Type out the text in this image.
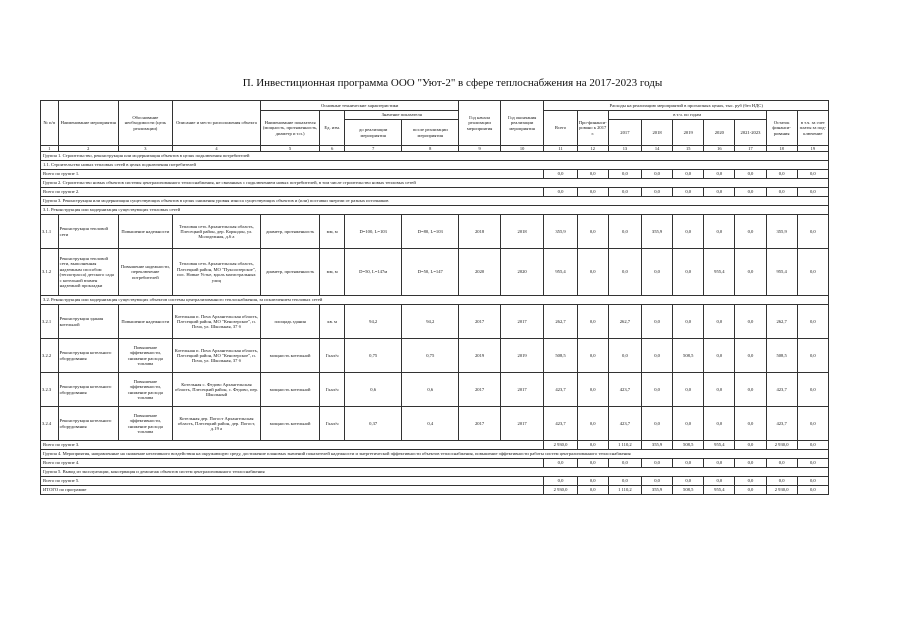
П. Инвестиционная программа ООО "Уют-2" в сфере теплоснабжения на 2017-2023 годы
№ п/п	Наименование мероприятия	Обоснование необходимости (цель реализации)	Описание и место расположения объекта	Основные технические характеристики				Год начала реализации мероприятия	Год окончания реализации мероприятия	Расходы на реализацию мероприятий в прогнозных ценах, тыс. руб (без НДС)								
				Наименование показателя (мощность, протяженность, диаметр и т.п.)	Ед. изм.	Значение показателя				Всего	Про-финанси-ровано к 2017 г.	в т.ч. по годам					Остаток финанси-рования	в т.ч. за счет платы за под-ключение
						до реализации мероприятия	после реализации мероприятия					2017	2018	2019	2020	2021-2023		
1	2	3	4	5	6	7	8	9	10	11	12	13	14	15	16	17	18	19
Группа 1. Строительство, реконструкция или модернизация объектов в целях подключения потребителей																		
1.1. Строительство новых тепловых сетей в целях подключения потребителей																		
Всего по группе 1.										0,0	0,0	0,0	0,0	0,0	0,0	0,0	0,0	0,0
Группа 2. Строительство новых объектов системы централизованного теплоснабжения, не связанных с подключением новых потребителей, в том числе строительство новых тепловых сетей																		
Всего по группе 2.										0,0	0,0	0,0	0,0	0,0	0,0	0,0	0,0	0,0
Группа 3. Реконструкция или модернизация существующих объектов в целях снижения уровня износа существующих объектов и (или) поставки энергии от разных источников																		
3.1. Реконструкция или модернизация существующих тепловых сетей																		
3.1.1	Реконструкция тепловой сети	Повышение надежности	Тепловая сеть Архангельская область, Плесецкий район, дер. Коркодон, ул. Молодежная, д.6 а	диаметр, протяженность	мм, м	D=100, L=103	D=80, L=103	2018	2018	355,9	0,0	0,0	355,9	0,0	0,0	0,0	355,9	0,0
3.1.2	Реконструкция тепловой сети, выполненная надземным способом (теплотрасса) детского сада с котельной взамен надземной прокладки	Повышение надежности, переключение потребителей	Тепловая сеть Архангельская область, Плесецкий район, МО "Пуксоозерское", пос. Новые Устье, вдоль магистральных улиц	диаметр, протяженность	мм, м	D=50, L=147м	D=50, L=147	2020	2020	955,4	0,0	0,0	0,0	0,0	955,4	0,0	955,4	0,0
3.2. Реконструкция или модернизация существующих объектов системы централизованного теплоснабжения, за исключением тепловых сетей																		
3.2.1	Реконструкция здания котельной	Повышение надежности	Котельная п. Поча Архангельская область, Плесецкий район, МО "Кенозерское", п. Поча, ул. Школьная, 37 б	площадь здания	кв. м	94,2	94,2	2017	2017	262,7	0,0	262,7	0,0	0,0	0,0	0,0	262,7	0,0
3.2.2	Реконструкция котельного оборудования	Повышение эффективности, снижение расхода топлива	Котельная п. Поча Архангельская область, Плесецкий район, МО "Кенозерское", п. Поча, ул. Школьная, 37 б	мощность котельной	Гкал/ч	0,75	0,75	2019	2019	508,5	0,0	0,0	0,0	508,5	0,0	0,0	508,5	0,0
3.2.3	Реконструкция котельного оборудования	Повышение эффективности, снижение расхода топлива	Котельная с. Федово Архангельская область, Плесецкий район, с. Федово, пер. Школьный	мощность котельной	Гкал/ч	0,6	0,6	2017	2017	423,7	0,0	423,7	0,0	0,0	0,0	0,0	423,7	0,0
3.2.4	Реконструкция котельного оборудования	Повышение эффективности, снижение расхода топлива	Котельная дер. Погост Архангельская область, Плесецкий район, дер. Погост, д.19 а	мощность котельной	Гкал/ч	0,37	0,4	2017	2017	423,7	0,0	423,7	0,0	0,0	0,0	0,0	423,7	0,0
Всего по группе 3.										2 930,0	0,0	1 110,2	355,9	508,5	955,4	0,0	2 930,0	0,0
Группа 4. Мероприятия, направленные на снижение негативного воздействия на окружающую среду, достижение плановых значений показателей надежности и энергетической эффективности объектов теплоснабжения, повышение эффективности работы систем централизованного теплоснабжения																		
Всего по группе 4.										0,0	0,0	0,0	0,0	0,0	0,0	0,0	0,0	0,0
Группа 5. Вывод из эксплуатации, консервация и демонтаж объектов систем централизованного теплоснабжения																		
Всего по группе 5.										0,0	0,0	0,0	0,0	0,0	0,0	0,0	0,0	0,0
ИТОГО по программе										2 930,0	0,0	1 110,2	355,9	508,5	955,4	0,0	2 930,0	0,0
